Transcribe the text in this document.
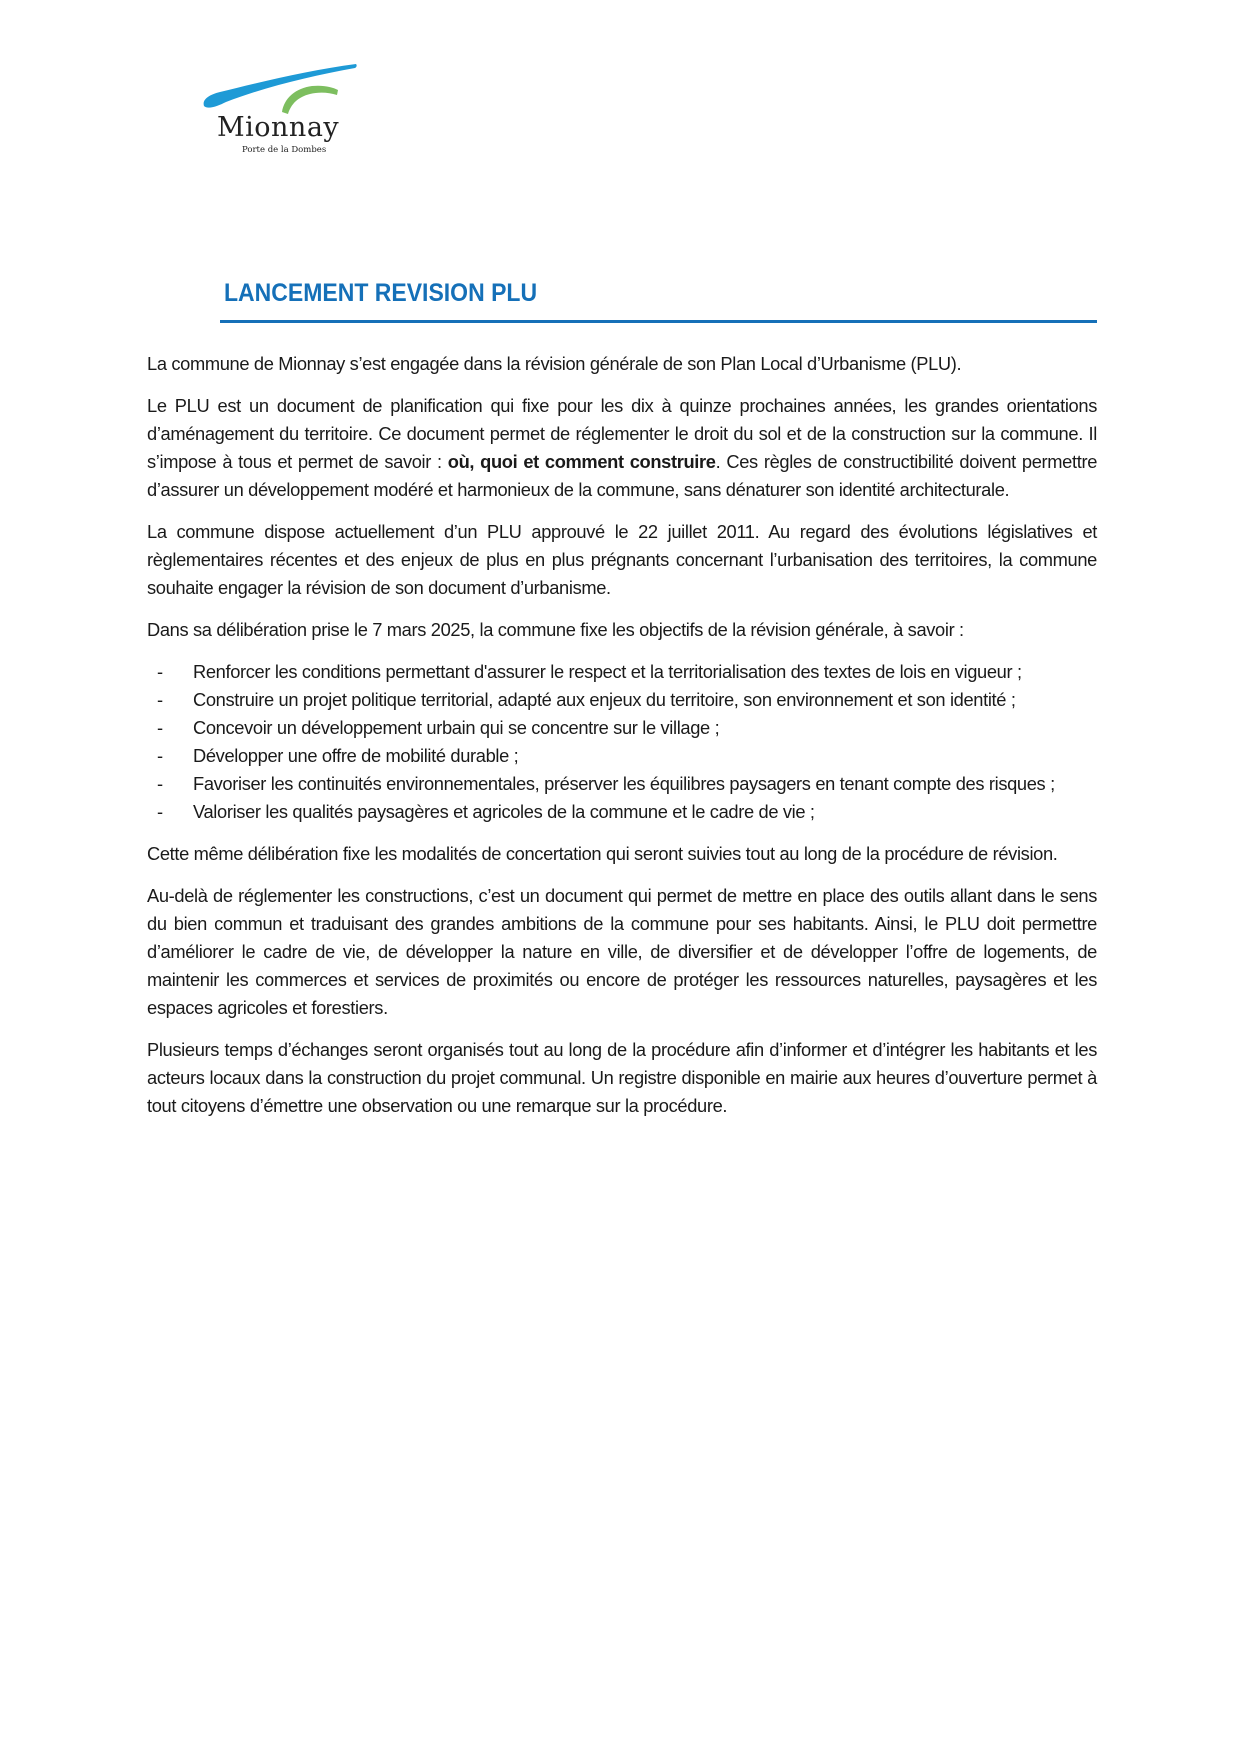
Mionnay
Porte de la Dombes
LANCEMENT REVISION PLU

La commune de Mionnay s’est engagée dans la révision générale de son Plan Local d’Urbanisme (PLU).

Le PLU est un document de planification qui fixe pour les dix à quinze prochaines années, les grandes orientations d’aménagement du territoire. Ce document permet de réglementer le droit du sol et de la construction sur la commune. Il s’impose à tous et permet de savoir : où, quoi et comment construire. Ces règles de constructibilité doivent permettre d’assurer un développement modéré et harmonieux de la commune, sans dénaturer son identité architecturale.

La commune dispose actuellement d’un PLU approuvé le 22 juillet 2011. Au regard des évolutions législatives et règlementaires récentes et des enjeux de plus en plus prégnants concernant l’urbanisation des territoires, la commune souhaite engager la révision de son document d’urbanisme.

Dans sa délibération prise le 7 mars 2025, la commune fixe les objectifs de la révision générale, à savoir :

- Renforcer les conditions permettant d'assurer le respect et la territorialisation des textes de lois en vigueur ;
- Construire un projet politique territorial, adapté aux enjeux du territoire, son environnement et son identité ;
- Concevoir un développement urbain qui se concentre sur le village ;
- Développer une offre de mobilité durable ;
- Favoriser les continuités environnementales, préserver les équilibres paysagers en tenant compte des risques ;
- Valoriser les qualités paysagères et agricoles de la commune et le cadre de vie ;

Cette même délibération fixe les modalités de concertation qui seront suivies tout au long de la procédure de révision.

Au-delà de réglementer les constructions, c’est un document qui permet de mettre en place des outils allant dans le sens du bien commun et traduisant des grandes ambitions de la commune pour ses habitants. Ainsi, le PLU doit permettre d’améliorer le cadre de vie, de développer la nature en ville, de diversifier et de développer l’offre de logements, de maintenir les commerces et services de proximités ou encore de protéger les ressources naturelles, paysagères et les espaces agricoles et forestiers.

Plusieurs temps d’échanges seront organisés tout au long de la procédure afin d’informer et d’intégrer les habitants et les acteurs locaux dans la construction du projet communal. Un registre disponible en mairie aux heures d’ouverture permet à tout citoyens d’émettre une observation ou une remarque sur la procédure.
